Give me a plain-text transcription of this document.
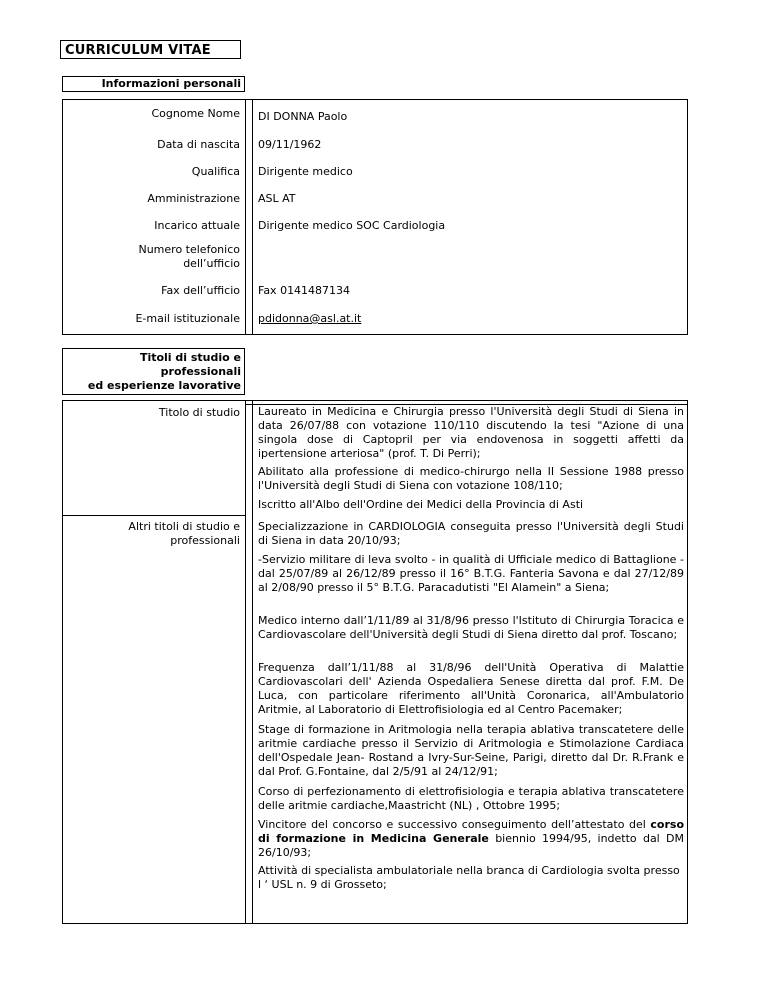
CURRICULUM VITAE
Informazioni personali
Cognome Nome DI DONNA Paolo
Data di nascita 09/11/1962
Qualifica Dirigente medico
Amministrazione ASL AT
Incarico attuale Dirigente medico SOC Cardiologia
Numero telefonico
dell’ufficio
Fax dell’ufficio Fax 0141487134
E-mail istituzionale pdidonna@asl.at.it
Titoli di studio e
professionali
ed esperienze lavorative
Titolo di studio Laureato in Medicina e Chirurgia presso l'Università degli Studi di Siena in data 26/07/88 con votazione 110/110 discutendo la tesi "Azione di una singola dose di Captopril per via endovenosa in soggetti affetti da ipertensione arteriosa" (prof. T. Di Perri);
Abilitato alla professione di medico-chirurgo nella II Sessione 1988 presso l'Università degli Studi di Siena con votazione 108/110;
Iscritto all'Albo dell'Ordine dei Medici della Provincia di Asti
Altri titoli di studio e
professionali
Specializzazione in CARDIOLOGIA conseguita presso l'Università degli Studi di Siena in data 20/10/93;
-Servizio militare di leva svolto - in qualità di Ufficiale medico di Battaglione - dal 25/07/89 al 26/12/89 presso il 16° B.T.G. Fanteria Savona e dal 27/12/89 al 2/08/90 presso il 5° B.T.G. Paracadutisti "El Alamein" a Siena;
Medico interno dall’1/11/89 al 31/8/96 presso l'Istituto di Chirurgia Toracica e Cardiovascolare dell'Università degli Studi di Siena diretto dal prof. Toscano;
Frequenza dall’1/11/88 al 31/8/96 dell'Unità Operativa di Malattie Cardiovascolari dell' Azienda Ospedaliera Senese diretta dal prof. F.M. De Luca, con particolare riferimento all'Unità Coronarica, all'Ambulatorio Aritmie, al Laboratorio di Elettrofisiologia ed al Centro Pacemaker;
Stage di formazione in Aritmologia nella terapia ablativa transcatetere delle aritmie cardiache presso il Servizio di Aritmologia e Stimolazione Cardiaca dell'Ospedale Jean- Rostand a Ivry-Sur-Seine, Parigi, diretto dal Dr. R.Frank e dal Prof. G.Fontaine, dal 2/5/91 al 24/12/91;
Corso di perfezionamento di elettrofisiologia e terapia ablativa transcatetere delle aritmie cardiache,Maastricht (NL) , Ottobre 1995;
Vincitore del concorso e successivo conseguimento dell’attestato del corso di formazione in Medicina Generale biennio 1994/95, indetto dal DM 26/10/93;
Attività di specialista ambulatoriale nella branca di Cardiologia svolta presso l ‘ USL n. 9 di Grosseto;
